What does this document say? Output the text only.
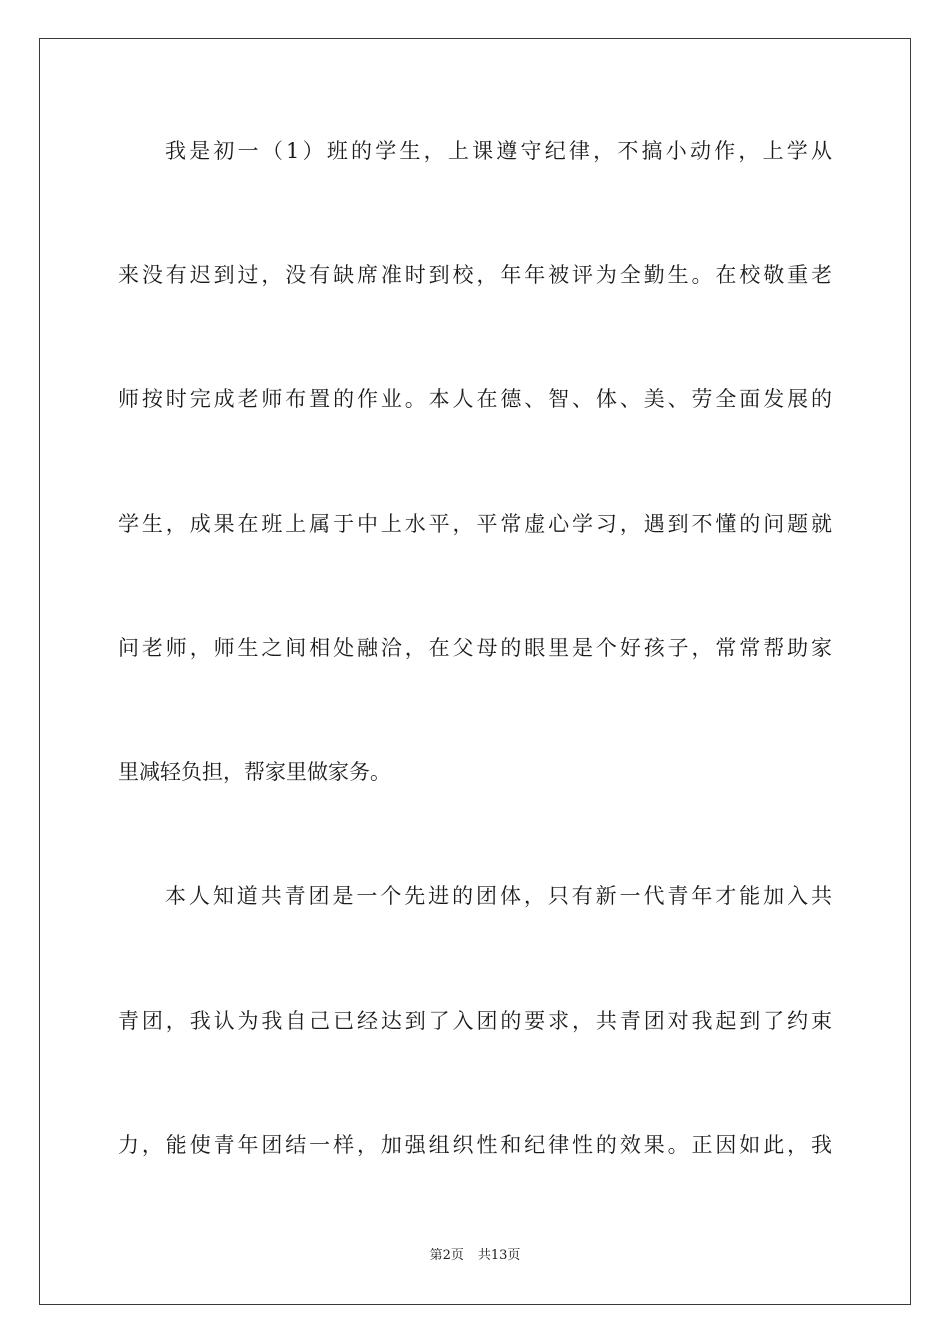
我是初一（1）班的学生，上课遵守纪律，不搞小动作，上学从
来没有迟到过，没有缺席准时到校，年年被评为全勤生。在校敬重老
师按时完成老师布置的作业。本人在德、智、体、美、劳全面发展的
学生，成果在班上属于中上水平，平常虚心学习，遇到不懂的问题就
问老师，师生之间相处融洽，在父母的眼里是个好孩子，常常帮助家
里减轻负担，帮家里做家务。
本人知道共青团是一个先进的团体，只有新一代青年才能加入共
青团，我认为我自己已经达到了入团的要求，共青团对我起到了约束
力，能使青年团结一样，加强组织性和纪律性的效果。正因如此，我
第2页 共13页
